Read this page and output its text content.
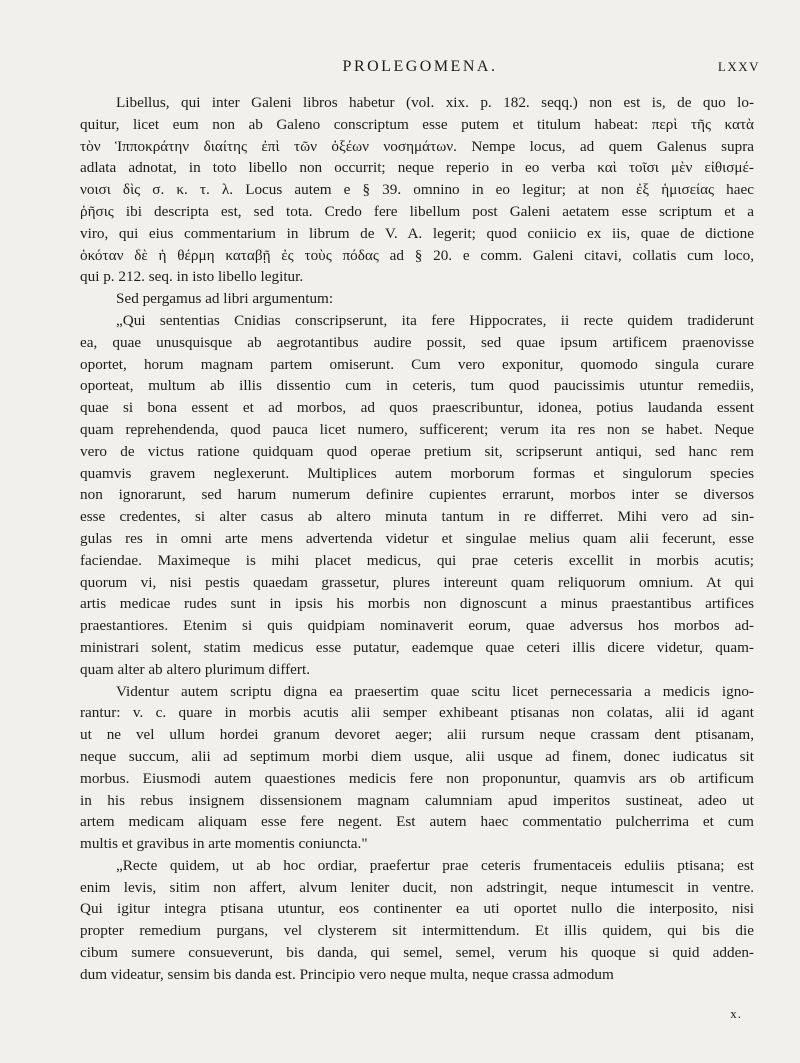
PROLEGOMENA.	LXXV
Libellus, qui inter Galeni libros habetur (vol. xix. p. 182. seqq.) non est is, de quo lo-
quitur, licet eum non ab Galeno conscriptum esse putem et titulum habeat: περὶ τῆς κατὰ
τὸν Ἱπποκράτην διαίτης ἐπὶ τῶν ὀξέων νοσημάτων. Nempe locus, ad quem Galenus supra
adlata adnotat, in toto libello non occurrit; neque reperio in eo verba καὶ τοῖσι μὲν εἰθισμέ-
νοισι δὶς σ. κ. τ. λ. Locus autem e § 39. omnino in eo legitur; at non ἐξ ἡμισείας haec
ῥῆσις ibi descripta est, sed tota. Credo fere libellum post Galeni aetatem esse scriptum et a
viro, qui eius commentarium in librum de V. A. legerit; quod coniicio ex iis, quae de dictione
ὁκόταν δὲ ἡ θέρμη καταβῇ ἐς τοὺς πόδας ad § 20. e comm. Galeni citavi, collatis cum loco,
qui p. 212. seq. in isto libello legitur.
Sed pergamus ad libri argumentum:
„Qui sententias Cnidias conscripserunt, ita fere Hippocrates, ii recte quidem tradiderunt
ea, quae unusquisque ab aegrotantibus audire possit, sed quae ipsum artificem praenovisse
oportet, horum magnam partem omiserunt. Cum vero exponitur, quomodo singula curare
oporteat, multum ab illis dissentio cum in ceteris, tum quod paucissimis utuntur remediis,
quae si bona essent et ad morbos, ad quos praescribuntur, idonea, potius laudanda essent
quam reprehendenda, quod pauca licet numero, sufficerent; verum ita res non se habet. Neque
vero de victus ratione quidquam quod operae pretium sit, scripserunt antiqui, sed hanc rem
quamvis gravem neglexerunt. Multiplices autem morborum formas et singulorum species
non ignorarunt, sed harum numerum definire cupientes errarunt, morbos inter se diversos
esse credentes, si alter casus ab altero minuta tantum in re differret. Mihi vero ad sin-
gulas res in omni arte mens advertenda videtur et singulae melius quam alii fecerunt, esse
faciendae. Maximeque is mihi placet medicus, qui prae ceteris excellit in morbis acutis;
quorum vi, nisi pestis quaedam grassetur, plures intereunt quam reliquorum omnium. At qui
artis medicae rudes sunt in ipsis his morbis non dignoscunt a minus praestantibus artifices
praestantiores. Etenim si quis quidpiam nominaverit eorum, quae adversus hos morbos ad-
ministrari solent, statim medicus esse putatur, eademque quae ceteri illis dicere videtur, quam-
quam alter ab altero plurimum differt.
Videntur autem scriptu digna ea praesertim quae scitu licet pernecessaria a medicis igno-
rantur: v. c. quare in morbis acutis alii semper exhibeant ptisanas non colatas, alii id agant
ut ne vel ullum hordei granum devoret aeger; alii rursum neque crassam dent ptisanam,
neque succum, alii ad septimum morbi diem usque, alii usque ad finem, donec iudicatus sit
morbus. Eiusmodi autem quaestiones medicis fere non proponuntur, quamvis ars ob artificum
in his rebus insignem dissensionem magnam calumniam apud imperitos sustineat, adeo ut
artem medicam aliquam esse fere negent. Est autem haec commentatio pulcherrima et cum
multis et gravibus in arte momentis coniuncta."
„Recte quidem, ut ab hoc ordiar, praefertur prae ceteris frumentaceis eduliis ptisana; est
enim levis, sitim non affert, alvum leniter ducit, non adstringit, neque intumescit in ventre.
Qui igitur integra ptisana utuntur, eos continenter ea uti oportet nullo die interposito, nisi
propter remedium purgans, vel clysterem sit intermittendum. Et illis quidem, qui bis die
cibum sumere consueverunt, bis danda, qui semel, semel, verum his quoque si quid adden-
dum videatur, sensim bis danda est. Principio vero neque multa, neque crassa admodum
x.
